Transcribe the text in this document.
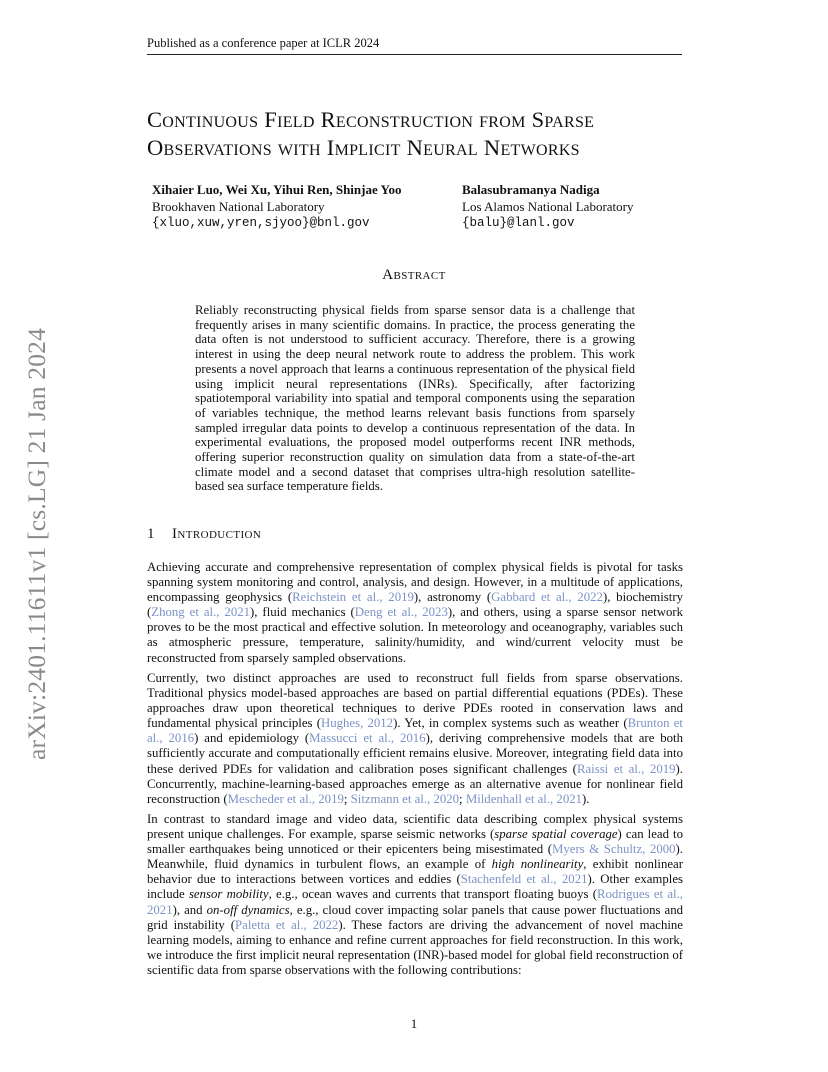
Published as a conference paper at ICLR 2024
arXiv:2401.11611v1 [cs.LG] 21 Jan 2024
Continuous Field Reconstruction from Sparse
Observations with Implicit Neural Networks
Xihaier Luo, Wei Xu, Yihui Ren, Shinjae Yoo
Brookhaven National Laboratory
{xluo,xuw,yren,sjyoo}@bnl.gov
Balasubramanya Nadiga
Los Alamos National Laboratory
{balu}@lanl.gov
Abstract

Reliably reconstructing physical fields from sparse sensor data is a challenge that frequently arises in many scientific domains. In practice, the process generating the data often is not understood to sufficient accuracy. Therefore, there is a growing interest in using the deep neural network route to address the problem. This work presents a novel approach that learns a continuous representation of the physical field using implicit neural representations (INRs). Specifically, after factorizing spatiotemporal variability into spatial and temporal components using the separation of variables technique, the method learns relevant basis functions from sparsely sampled irregular data points to develop a continuous representation of the data. In experimental evaluations, the proposed model outperforms recent INR methods, offering superior reconstruction quality on simulation data from a state-of-the-art climate model and a second dataset that comprises ultra-high resolution satellite-based sea surface temperature fields.

1 Introduction

Achieving accurate and comprehensive representation of complex physical fields is pivotal for tasks spanning system monitoring and control, analysis, and design. However, in a multitude of applications, encompassing geophysics (Reichstein et al., 2019), astronomy (Gabbard et al., 2022), biochemistry (Zhong et al., 2021), fluid mechanics (Deng et al., 2023), and others, using a sparse sensor network proves to be the most practical and effective solution. In meteorology and oceanography, variables such as atmospheric pressure, temperature, salinity/humidity, and wind/current velocity must be reconstructed from sparsely sampled observations.

Currently, two distinct approaches are used to reconstruct full fields from sparse observations. Traditional physics model-based approaches are based on partial differential equations (PDEs). These approaches draw upon theoretical techniques to derive PDEs rooted in conservation laws and fundamental physical principles (Hughes, 2012). Yet, in complex systems such as weather (Brunton et al., 2016) and epidemiology (Massucci et al., 2016), deriving comprehensive models that are both sufficiently accurate and computationally efficient remains elusive. Moreover, integrating field data into these derived PDEs for validation and calibration poses significant challenges (Raissi et al., 2019). Concurrently, machine-learning-based approaches emerge as an alternative avenue for nonlinear field reconstruction (Mescheder et al., 2019; Sitzmann et al., 2020; Mildenhall et al., 2021).

In contrast to standard image and video data, scientific data describing complex physical systems present unique challenges. For example, sparse seismic networks (sparse spatial coverage) can lead to smaller earthquakes being unnoticed or their epicenters being misestimated (Myers & Schultz, 2000). Meanwhile, fluid dynamics in turbulent flows, an example of high nonlinearity, exhibit nonlinear behavior due to interactions between vortices and eddies (Stachenfeld et al., 2021). Other examples include sensor mobility, e.g., ocean waves and currents that transport floating buoys (Rodrigues et al., 2021), and on-off dynamics, e.g., cloud cover impacting solar panels that cause power fluctuations and grid instability (Paletta et al., 2022). These factors are driving the advancement of novel machine learning models, aiming to enhance and refine current approaches for field reconstruction. In this work, we introduce the first implicit neural representation (INR)-based model for global field reconstruction of scientific data from sparse observations with the following contributions:

1
